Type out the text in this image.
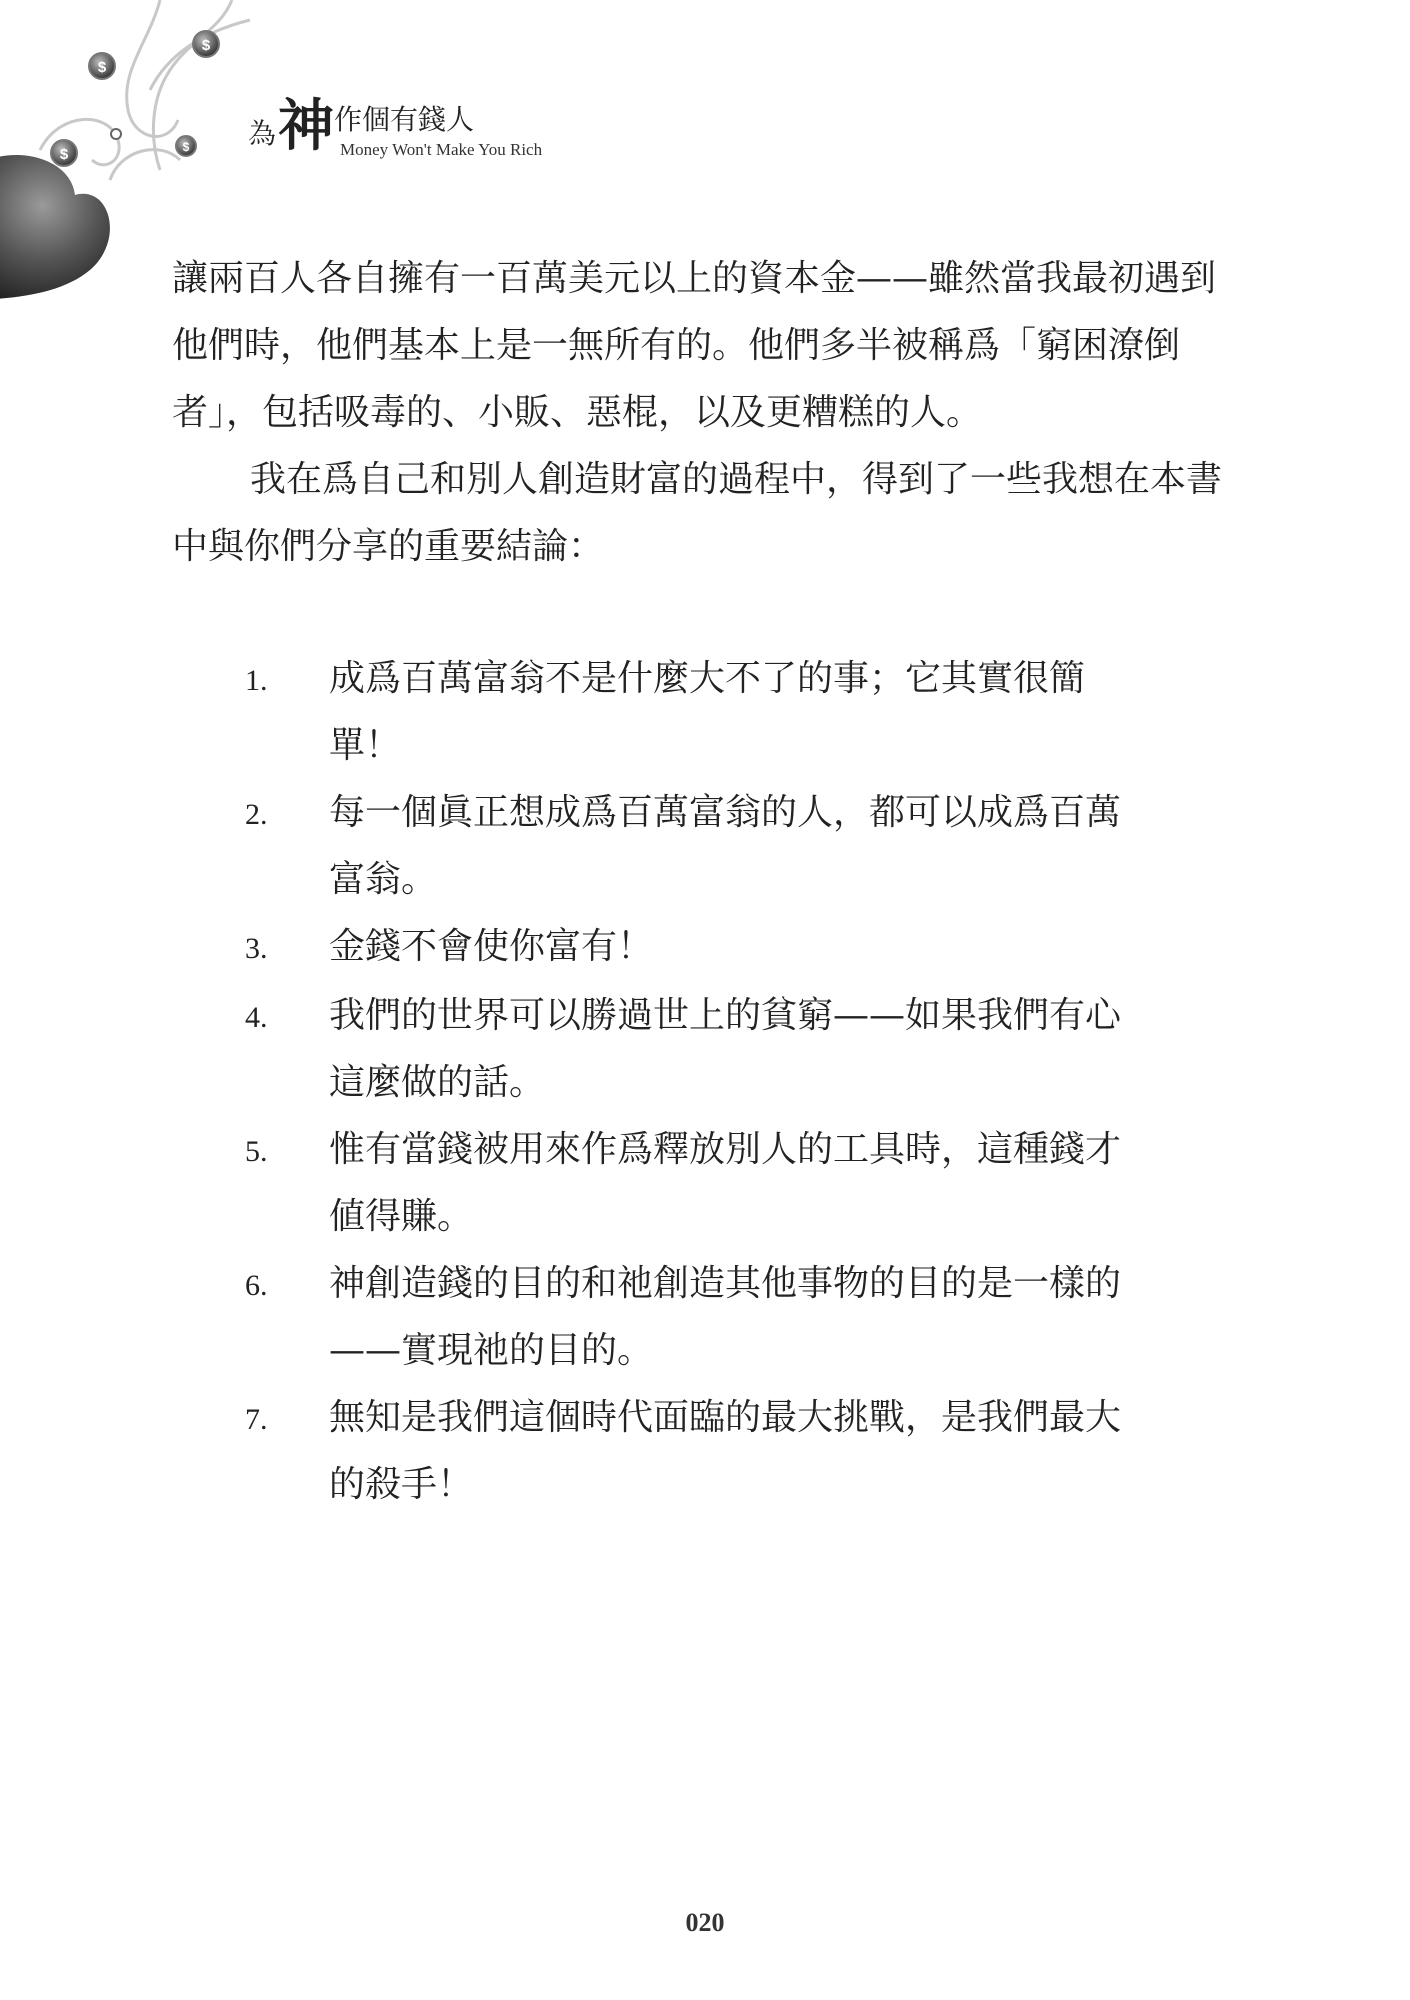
$
$
$	$ 為 神 作個有錢人
Money Won't Make You Rich

讓兩百人各自擁有一百萬美元以上的資本金——雖然當我最初遇到他們時，他們基本上是一無所有的。他們多半被稱爲「窮困潦倒者」，包括吸毒的、小販、惡棍，以及更糟糕的人。

我在爲自己和別人創造財富的過程中，得到了一些我想在本書中與你們分享的重要結論：

1.	成爲百萬富翁不是什麼大不了的事；它其實很簡單！
2.	每一個眞正想成爲百萬富翁的人，都可以成爲百萬富翁。
3.	金錢不會使你富有！
4.	我們的世界可以勝過世上的貧窮——如果我們有心這麼做的話。
5.	惟有當錢被用來作爲釋放別人的工具時，這種錢才値得賺。
6.	神創造錢的目的和祂創造其他事物的目的是一樣的——實現祂的目的。
7.	無知是我們這個時代面臨的最大挑戰，是我們最大的殺手！
020
